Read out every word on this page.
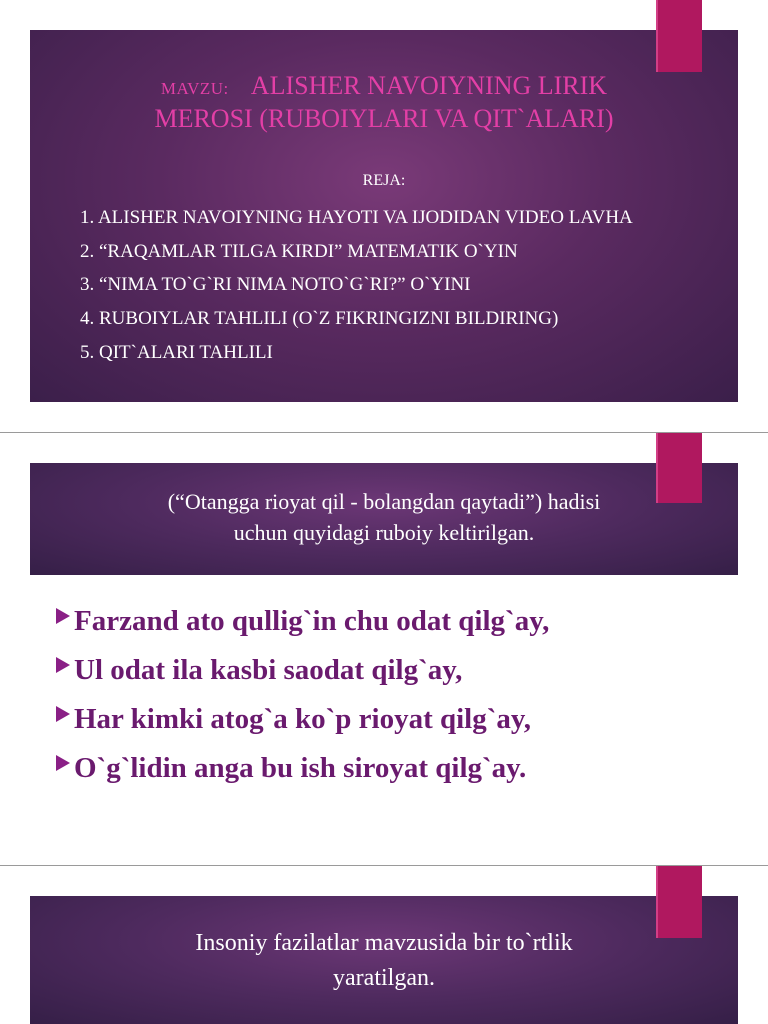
MAVZU: ALISHER NAVOIYNING LIRIK
MEROSI (RUBOIYLARI VA QIT`ALARI)
REJA:
1. ALISHER NAVOIYNING HAYOTI VA IJODIDAN VIDEO LAVHA
2. “RAQAMLAR TILGA KIRDI” MATEMATIK O`YIN
3. “NIMA TO`G`RI NIMA NOTO`G`RI?” O`YINI
4. RUBOIYLAR TAHLILI (O`Z FIKRINGIZNI BILDIRING)
5. QIT`ALARI TAHLILI
(“Otangga rioyat qil - bolangdan qaytadi”) hadisi
uchun quyidagi ruboiy keltirilgan.
Farzand ato qullig`in chu odat qilg`ay,
Ul odat ila kasbi saodat qilg`ay,
Har kimki atog`a ko`p rioyat qilg`ay,
O`g`lidin anga bu ish siroyat qilg`ay.
Insoniy fazilatlar mavzusida bir to`rtlik
yaratilgan.
